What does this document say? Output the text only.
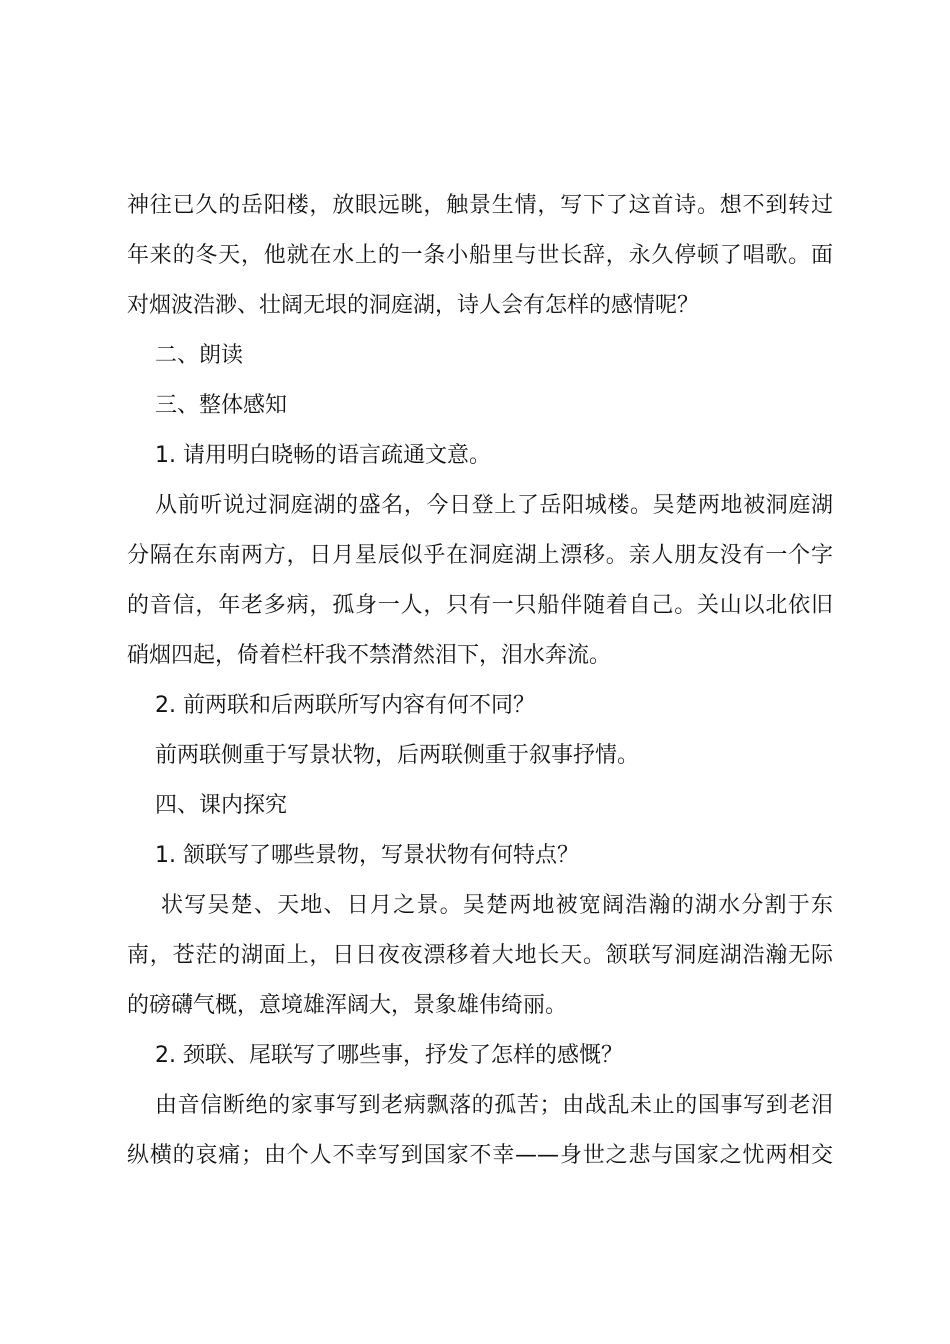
神往已久的岳阳楼，放眼远眺，触景生情，写下了这首诗。想不到转过
年来的冬天，他就在水上的一条小船里与世长辞，永久停顿了唱歌。面
对烟波浩渺、壮阔无垠的洞庭湖，诗人会有怎样的感情呢？
二、朗读
三、整体感知
1. 请用明白晓畅的语言疏通文意。
从前听说过洞庭湖的盛名，今日登上了岳阳城楼。吴楚两地被洞庭湖
分隔在东南两方，日月星辰似乎在洞庭湖上漂移。亲人朋友没有一个字
的音信，年老多病，孤身一人，只有一只船伴随着自己。关山以北依旧
硝烟四起，倚着栏杆我不禁潸然泪下，泪水奔流。
2. 前两联和后两联所写内容有何不同？
前两联侧重于写景状物，后两联侧重于叙事抒情。
四、课内探究
1. 颔联写了哪些景物，写景状物有何特点？
状写吴楚、天地、日月之景。吴楚两地被宽阔浩瀚的湖水分割于东
南，苍茫的湖面上，日日夜夜漂移着大地长天。颔联写洞庭湖浩瀚无际
的磅礴气概，意境雄浑阔大，景象雄伟绮丽。
2. 颈联、尾联写了哪些事，抒发了怎样的感慨？
由音信断绝的家事写到老病飘落的孤苦；由战乱未止的国事写到老泪
纵横的哀痛；由个人不幸写到国家不幸——身世之悲与国家之忧两相交
